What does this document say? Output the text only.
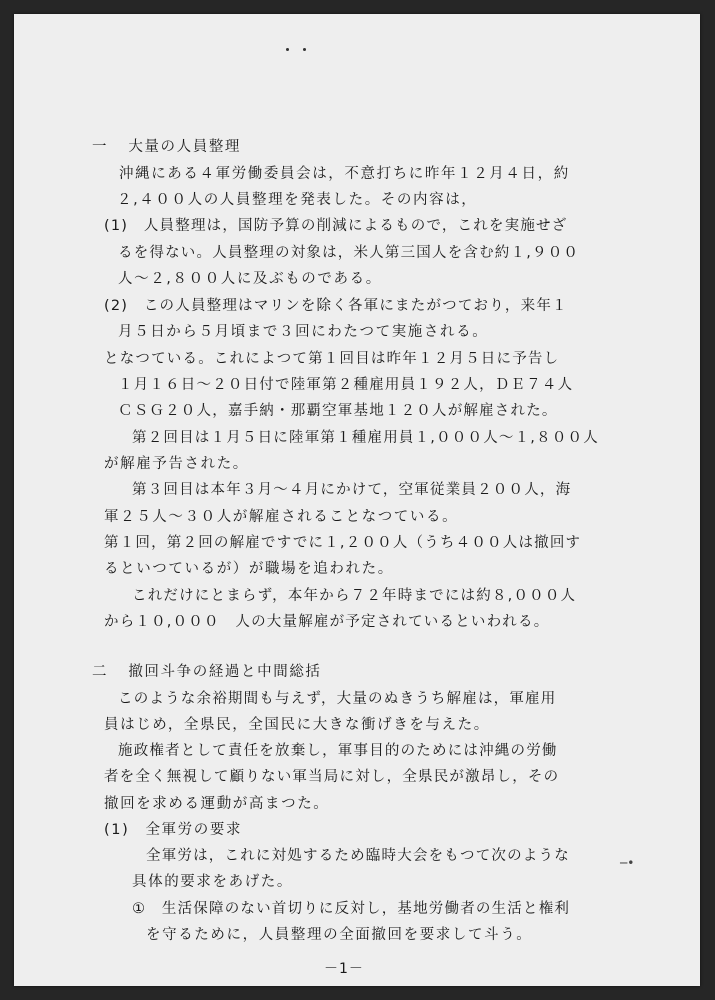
一 大量の人員整理
沖縄にある４軍労働委員会は，不意打ちに昨年１２月４日，約
２,４００人の人員整理を発表した。その内容は，
(1)　人員整理は，国防予算の削減によるもので，これを実施せざ
るを得ない。人員整理の対象は，米人第三国人を含む約１,９００
人～２,８００人に及ぶものである。
(2)　この人員整理はマリンを除く各軍にまたがつており，来年１
月５日から５月頃まで３回にわたつて実施される。
となつている。これによつて第１回目は昨年１２月５日に予告し
１月１６日～２０日付で陸軍第２種雇用員１９２人，ＤＥ７４人
ＣＳＧ２０人，嘉手納・那覇空軍基地１２０人が解雇された。
第２回目は１月５日に陸軍第１種雇用員１,０００人～１,８００人
が解雇予告された。
第３回目は本年３月～４月にかけて，空軍従業員２００人，海
軍２５人～３０人が解雇されることなつている。
第１回，第２回の解雇ですでに１,２００人（うち４００人は撤回す
るといつているが）が職場を追われた。
これだけにとまらず，本年から７２年時までには約８,０００人
から１０,０００　人の大量解雇が予定されているといわれる。
二 撤回斗争の経過と中間総括
このような余裕期間も与えず，大量のぬきうち解雇は，軍雇用
員はじめ，全県民，全国民に大きな衝げきを与えた。
施政権者として責任を放棄し，軍事目的のためには沖縄の労働
者を全く無視して顧りない軍当局に対し，全県民が激昂し，その
撤回を求める運動が高まつた。
(1)　全軍労の要求
全軍労は，これに対処するため臨時大会をもつて次のような
具体的要求をあげた。
①　生活保障のない首切りに反対し，基地労働者の生活と権利
を守るために，人員整理の全面撤回を要求して斗う。
─•
－1－
